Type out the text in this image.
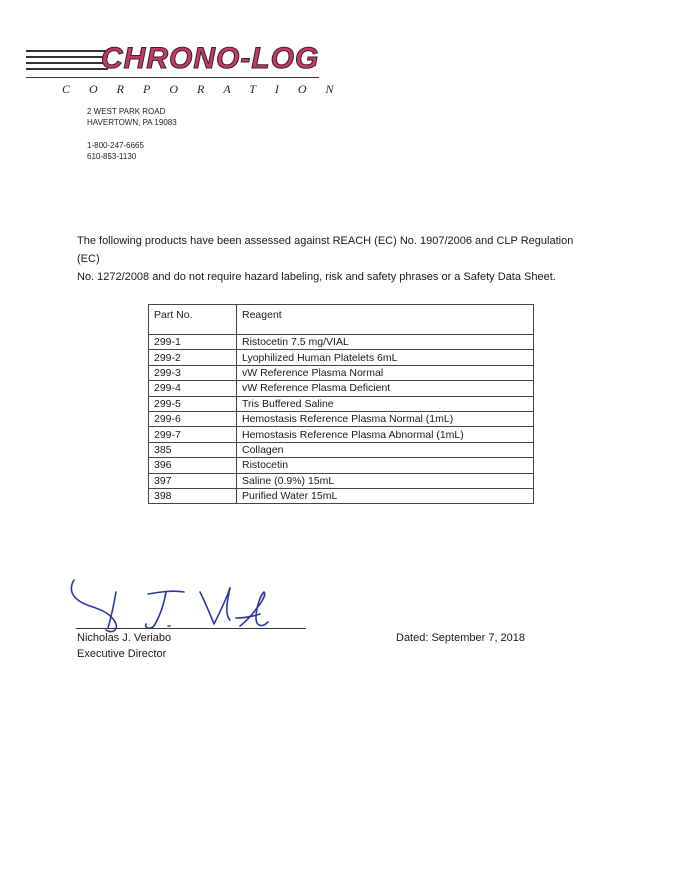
CHRONO-LOG
CORPORATION
2 WEST PARK ROAD
HAVERTOWN, PA 19083
1-800-247-6665
610-853-1130
The following products have been assessed against REACH (EC) No. 1907/2006 and CLP Regulation (EC)
No. 1272/2008 and do not require hazard labeling, risk and safety phrases or a Safety Data Sheet.
Part No.	Reagent
299-1	Ristocetin 7.5 mg/VIAL
299-2	Lyophilized Human Platelets 6mL
299-3	vW Reference Plasma Normal
299-4	vW Reference Plasma Deficient
299-5	Tris Buffered Saline
299-6	Hemostasis Reference Plasma Normal (1mL)
299-7	Hemostasis Reference Plasma Abnormal (1mL)
385	Collagen
396	Ristocetin
397	Saline (0.9%) 15mL
398	Purified Water 15mL
Nicholas J. Veriabo
Executive Director
Dated: September 7, 2018
